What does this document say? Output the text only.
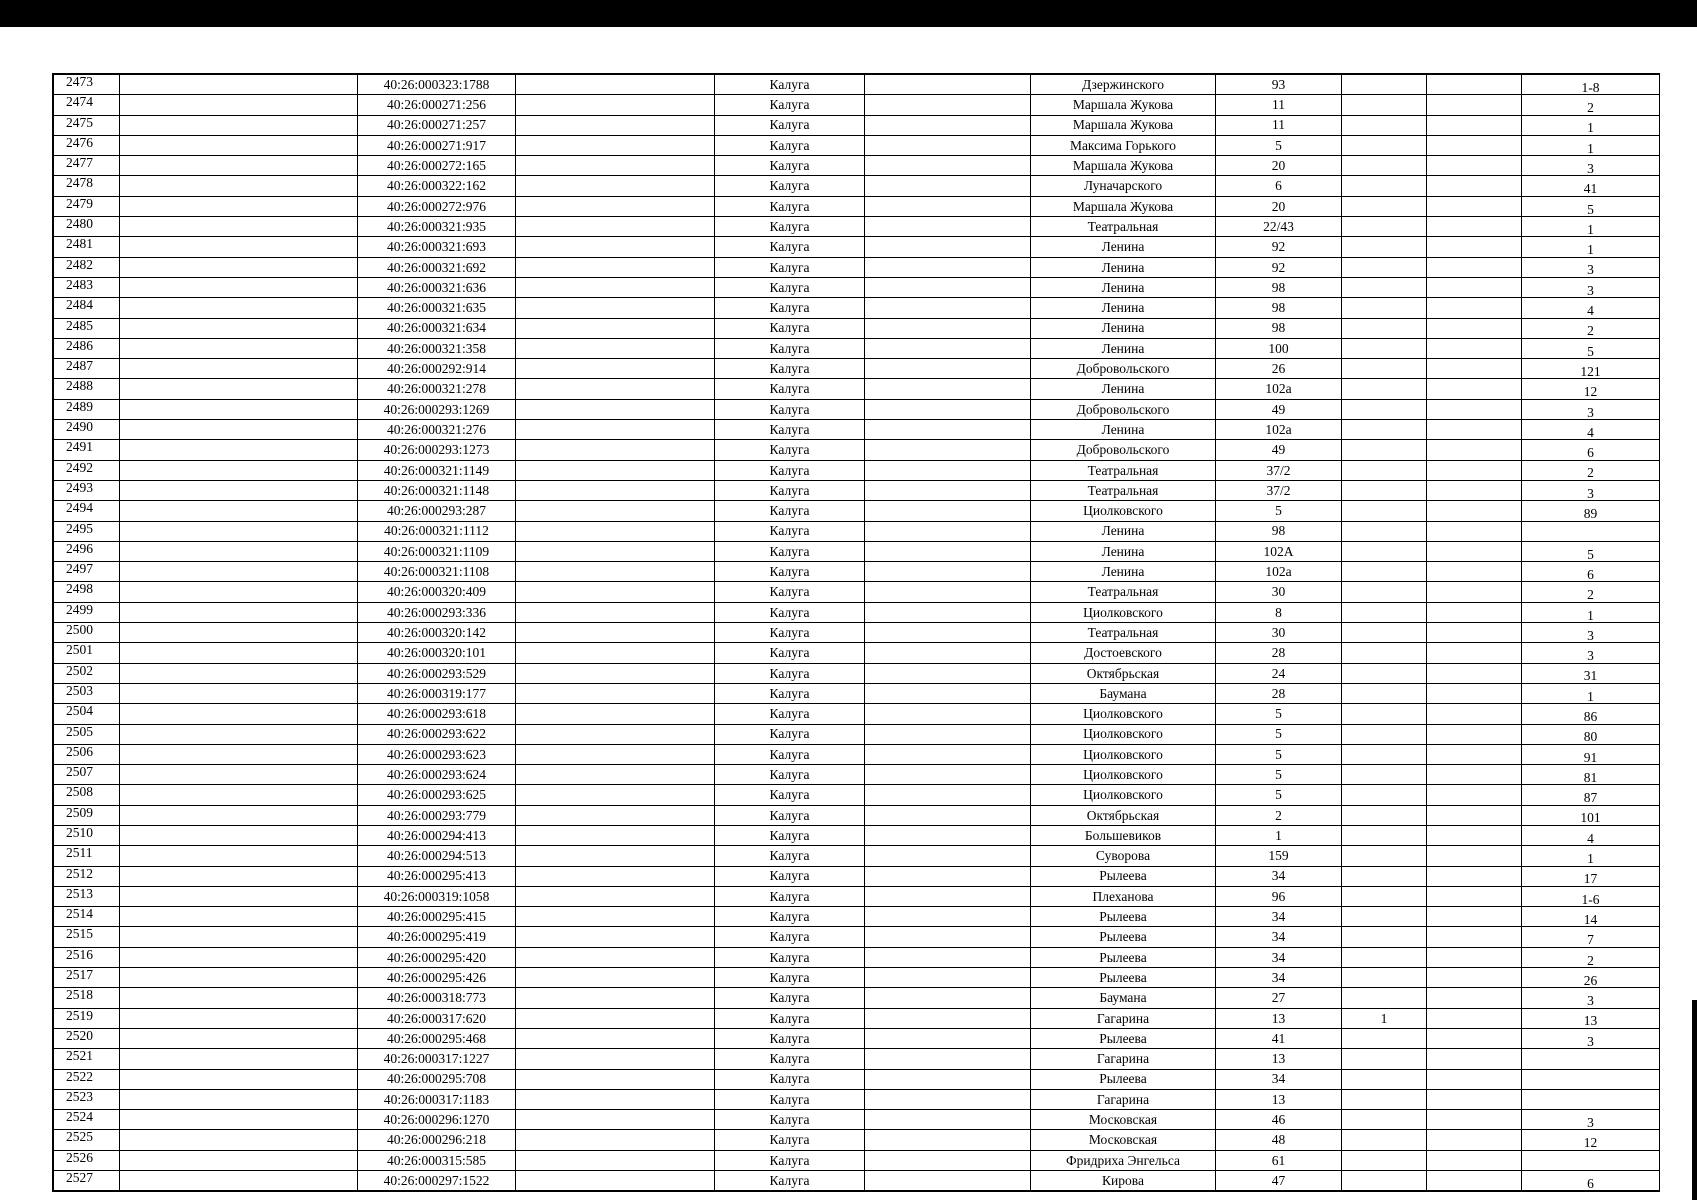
2473		40:26:000323:1788		Калуга		Дзержинского	93			1-8
2474		40:26:000271:256		Калуга		Маршала Жукова	11			2
2475		40:26:000271:257		Калуга		Маршала Жукова	11			1
2476		40:26:000271:917		Калуга		Максима Горького	5			1
2477		40:26:000272:165		Калуга		Маршала Жукова	20			3
2478		40:26:000322:162		Калуга		Луначарского	6			41
2479		40:26:000272:976		Калуга		Маршала Жукова	20			5
2480		40:26:000321:935		Калуга		Театральная	22/43			1
2481		40:26:000321:693		Калуга		Ленина	92			1
2482		40:26:000321:692		Калуга		Ленина	92			3
2483		40:26:000321:636		Калуга		Ленина	98			3
2484		40:26:000321:635		Калуга		Ленина	98			4
2485		40:26:000321:634		Калуга		Ленина	98			2
2486		40:26:000321:358		Калуга		Ленина	100			5
2487		40:26:000292:914		Калуга		Добровольского	26			121
2488		40:26:000321:278		Калуга		Ленина	102а			12
2489		40:26:000293:1269		Калуга		Добровольского	49			3
2490		40:26:000321:276		Калуга		Ленина	102а			4
2491		40:26:000293:1273		Калуга		Добровольского	49			6
2492		40:26:000321:1149		Калуга		Театральная	37/2			2
2493		40:26:000321:1148		Калуга		Театральная	37/2			3
2494		40:26:000293:287		Калуга		Циолковского	5			89
2495		40:26:000321:1112		Калуга		Ленина	98			
2496		40:26:000321:1109		Калуга		Ленина	102А			5
2497		40:26:000321:1108		Калуга		Ленина	102а			6
2498		40:26:000320:409		Калуга		Театральная	30			2
2499		40:26:000293:336		Калуга		Циолковского	8			1
2500		40:26:000320:142		Калуга		Театральная	30			3
2501		40:26:000320:101		Калуга		Достоевского	28			3
2502		40:26:000293:529		Калуга		Октябрьская	24			31
2503		40:26:000319:177		Калуга		Баумана	28			1
2504		40:26:000293:618		Калуга		Циолковского	5			86
2505		40:26:000293:622		Калуга		Циолковского	5			80
2506		40:26:000293:623		Калуга		Циолковского	5			91
2507		40:26:000293:624		Калуга		Циолковского	5			81
2508		40:26:000293:625		Калуга		Циолковского	5			87
2509		40:26:000293:779		Калуга		Октябрьская	2			101
2510		40:26:000294:413		Калуга		Большевиков	1			4
2511		40:26:000294:513		Калуга		Суворова	159			1
2512		40:26:000295:413		Калуга		Рылеева	34			17
2513		40:26:000319:1058		Калуга		Плеханова	96			1-6
2514		40:26:000295:415		Калуга		Рылеева	34			14
2515		40:26:000295:419		Калуга		Рылеева	34			7
2516		40:26:000295:420		Калуга		Рылеева	34			2
2517		40:26:000295:426		Калуга		Рылеева	34			26
2518		40:26:000318:773		Калуга		Баумана	27			3
2519		40:26:000317:620		Калуга		Гагарина	13	1		13
2520		40:26:000295:468		Калуга		Рылеева	41			3
2521		40:26:000317:1227		Калуга		Гагарина	13			
2522		40:26:000295:708		Калуга		Рылеева	34			
2523		40:26:000317:1183		Калуга		Гагарина	13			
2524		40:26:000296:1270		Калуга		Московская	46			3
2525		40:26:000296:218		Калуга		Московская	48			12
2526		40:26:000315:585		Калуга		Фридриха Энгельса	61			
2527		40:26:000297:1522		Калуга		Кирова	47			6
